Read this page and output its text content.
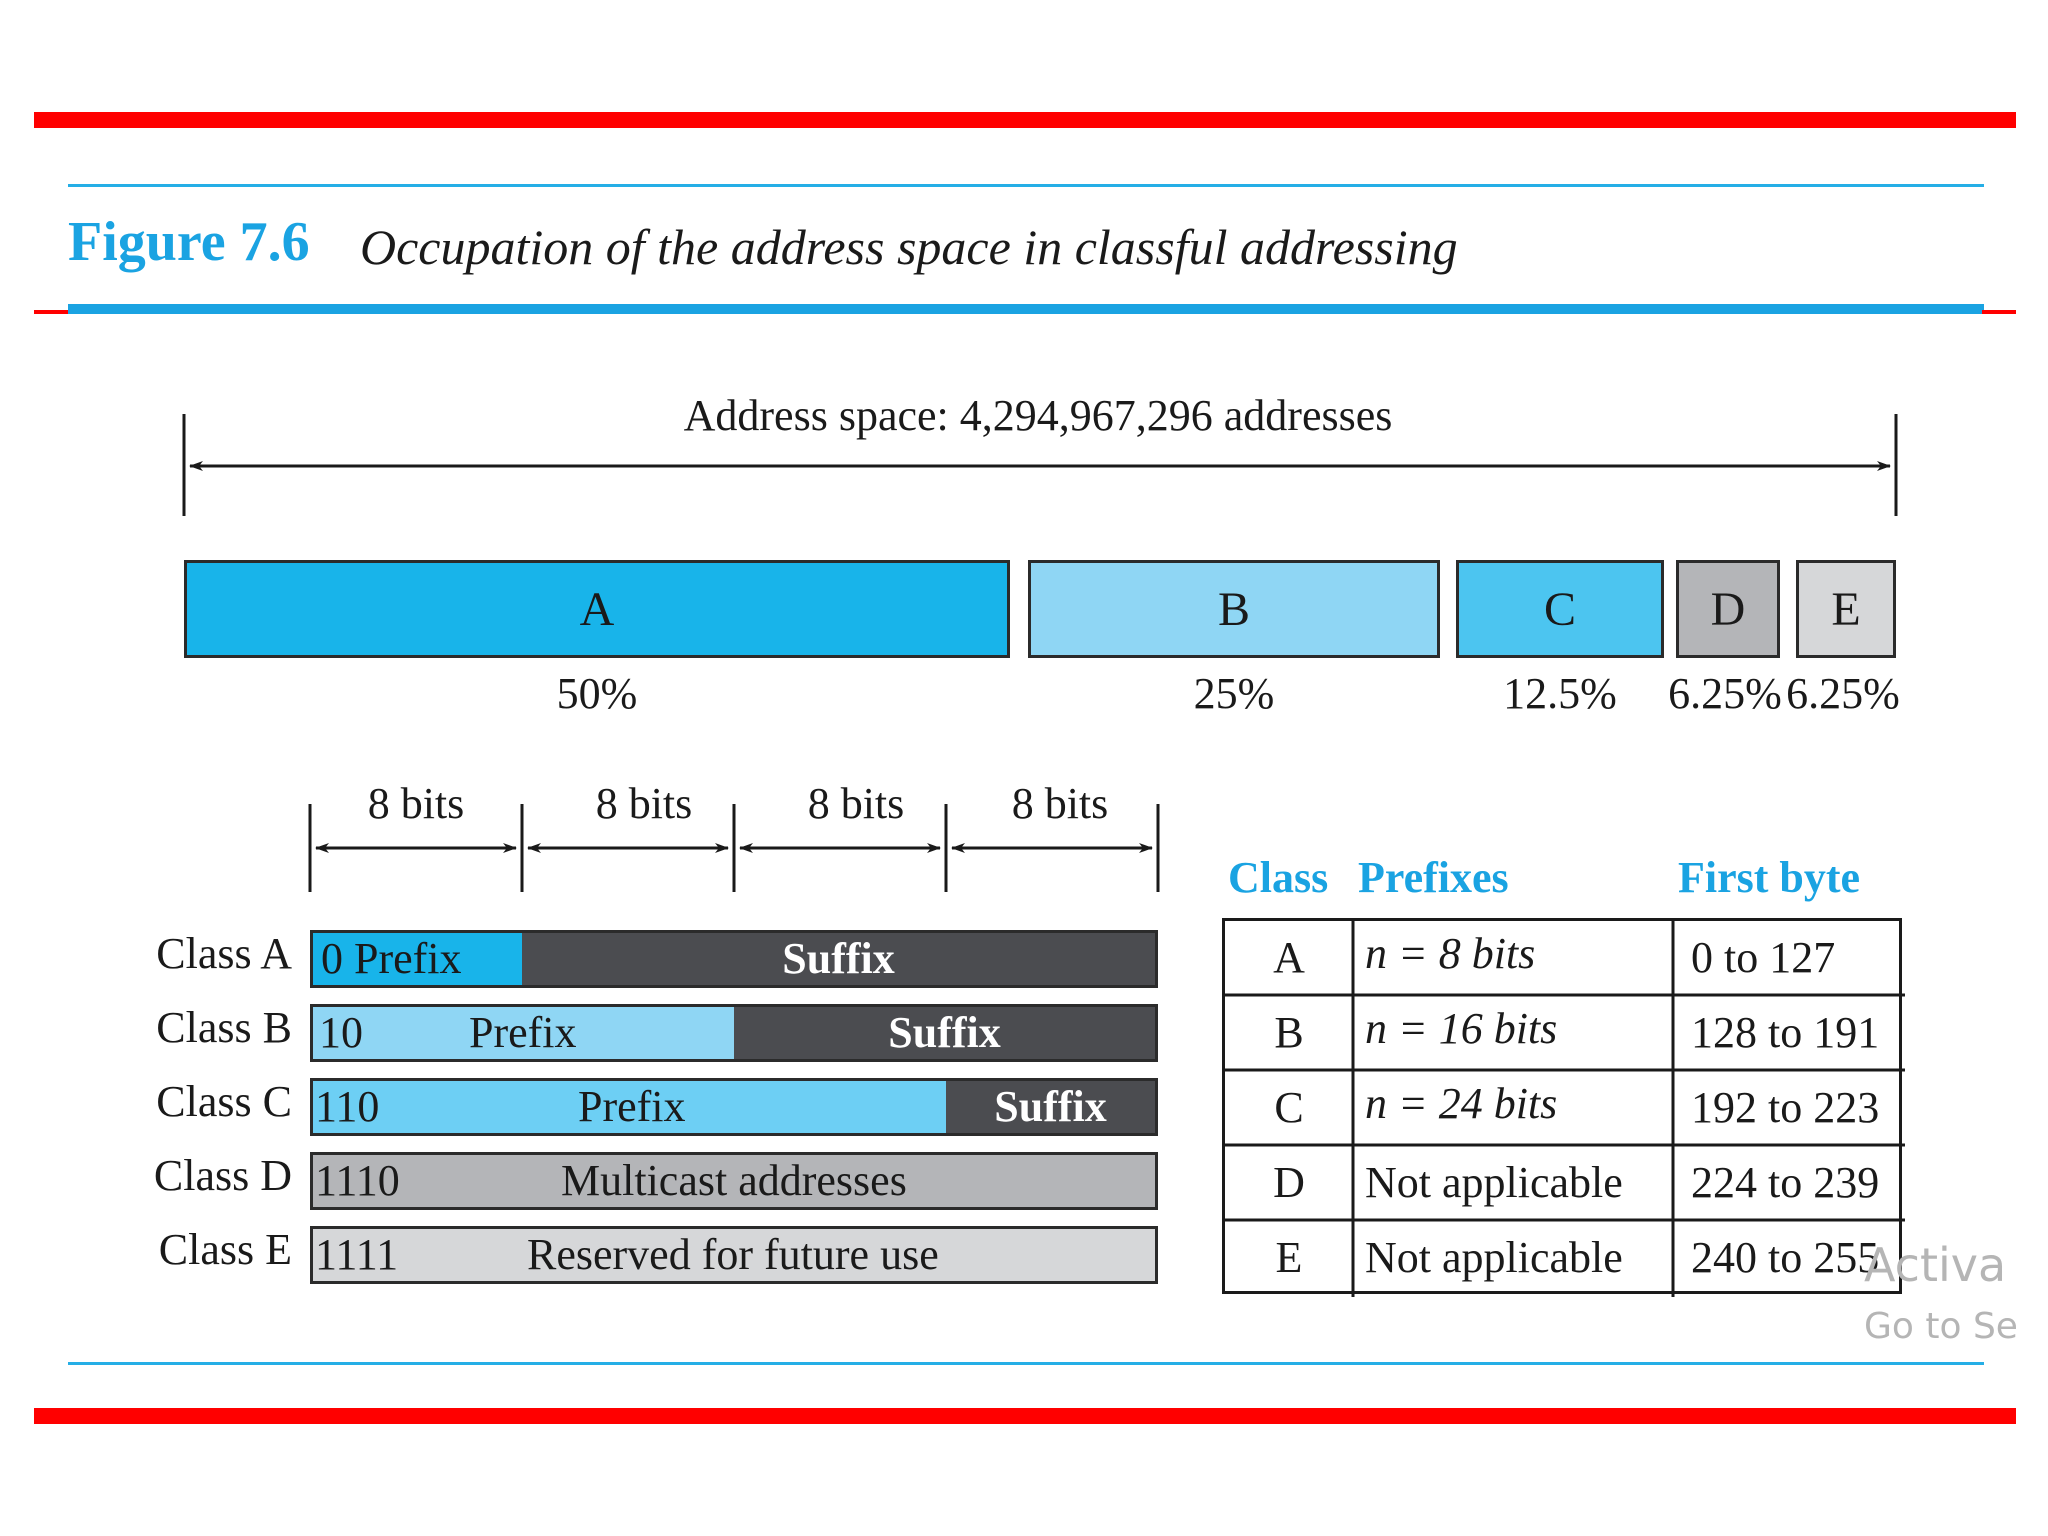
Figure 7.6 Occupation of the address space in classful addressing
Address space: 4,294,967,296 addresses
A	B	C	D E
50%	25%	12.5%	6.25% 6.25%
8 bits	8 bits	8 bits	8 bits
Class A 0 Prefix	Suffix
Class B 10 Prefix	Suffix
Class C 110	Prefix	Suffix
Class D 1110	Multicast addresses
Class E 1111	Reserved for future use
Class Prefixes	First byte
A	n = 8 bits	0 to 127
B	n = 16 bits	128 to 191
C	n = 24 bits	192 to 223
D	Not applicable 224 to 239
E	Not applicable 240 to 255
Activa
Go to Se
